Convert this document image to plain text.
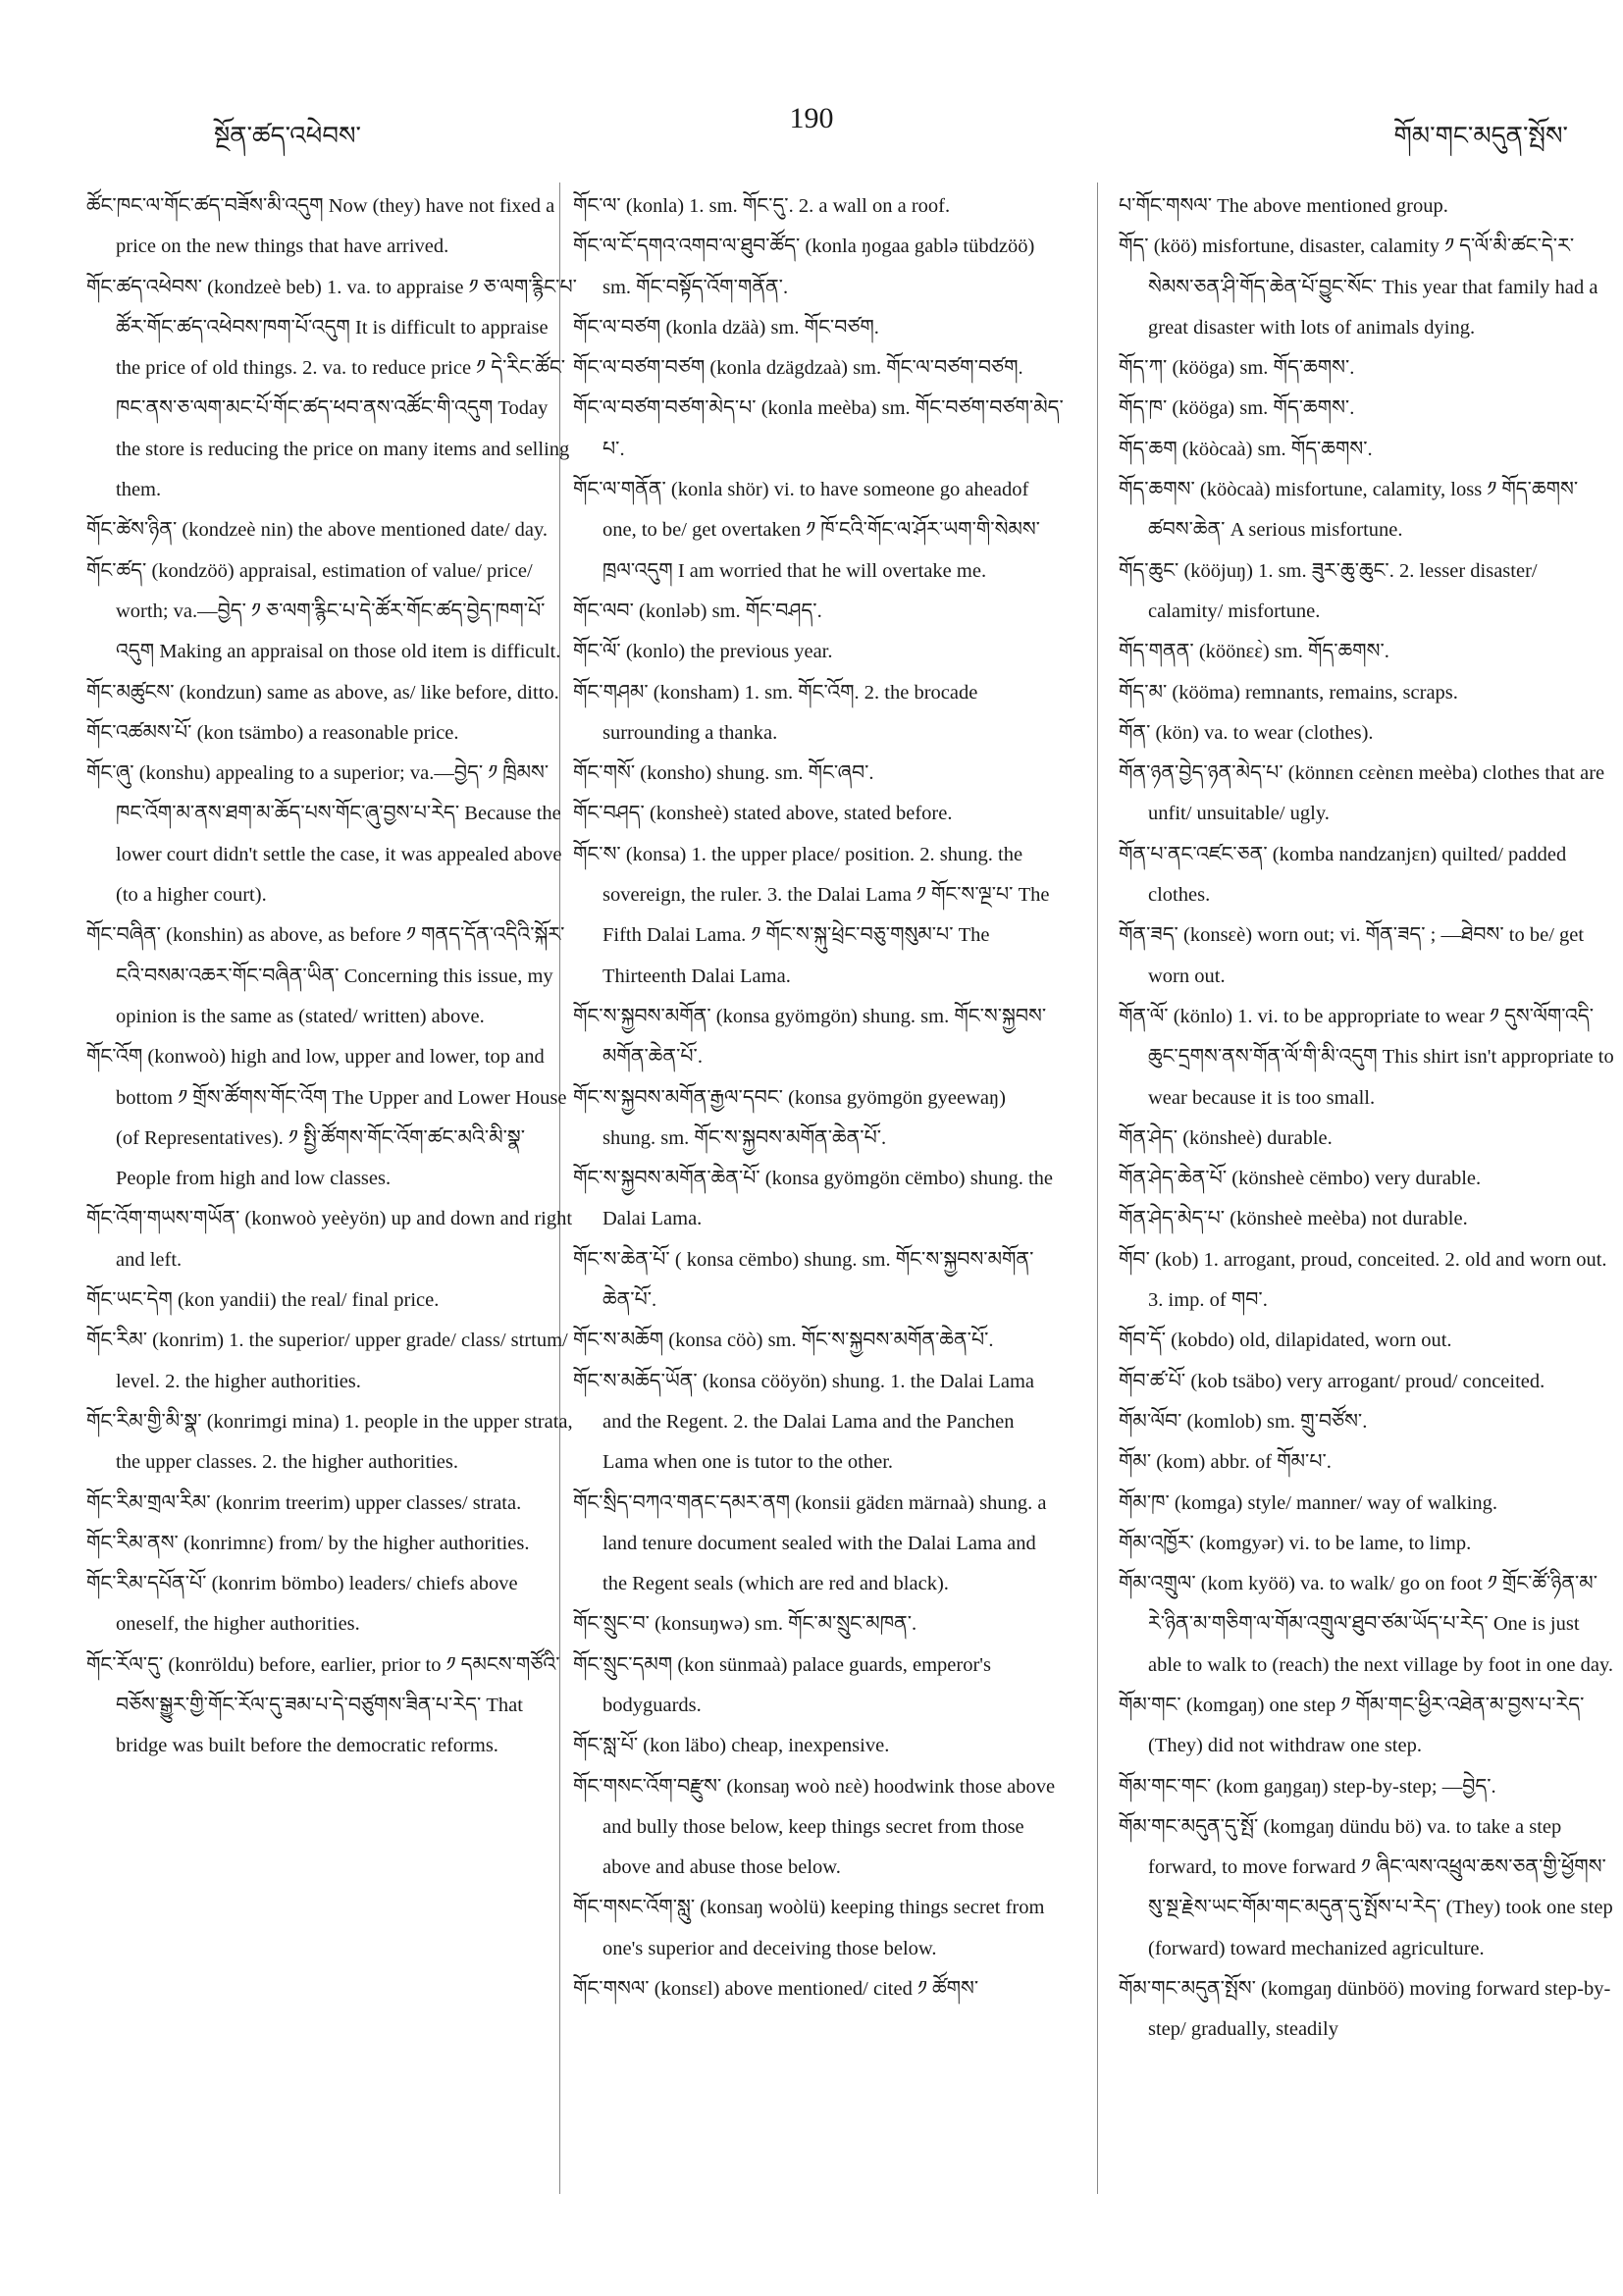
སྔོན་ཚད་འཕེབས་
190
གོམ་གང་མདུན་སྤོས་

ཚོང་ཁང་ལ་གོང་ཚད་བཟོས་མི་འདུག Now (they) have not fixed a price on the new things that have arrived.

གོང་ཚད་འཕེབས་ (kondzeè beb) 1. va. to appraise ༡ ཅ་ལག་རྙིང་པ་ཚོར་གོང་ཚད་འཕེབས་ཁག་པོ་འདུག It is difficult to appraise the price of old things. 2. va. to reduce price ༡ དེ་རིང་ཚོང་ཁང་ནས་ཅ་ལག་མང་པོ་གོང་ཚད་ཕབ་ནས་འཚོང་གི་འདུག Today the store is reducing the price on many items and selling them.

གོང་ཚེས་ཉིན་ (kondzeè nin) the above mentioned date/ day.

གོང་ཚད་ (kondzöö) appraisal, estimation of value/ price/ worth; va.—བྱེད་ ༡ ཅ་ལག་རྙིང་པ་དེ་ཚོར་གོང་ཚད་བྱེད་ཁག་པོ་འདུག Making an appraisal on those old item is difficult.

གོང་མཚུངས་ (kondzun) same as above, as/ like before, ditto.

གོང་འཚམས་པོ་ (kon tsämbo) a reasonable price.

གོང་ཞུ་ (konshu) appealing to a superior; va.—བྱེད་ ༡ ཁྲིམས་ཁང་འོག་མ་ནས་ཐག་མ་ཆོད་པས་གོང་ཞུ་བྱས་པ་རེད་ Because the lower court didn't settle the case, it was appealed above (to a higher court).

གོང་བཞིན་ (konshin) as above, as before ༡ གནད་དོན་འདིའི་སྐོར་ངའི་བསམ་འཆར་གོང་བཞིན་ཡིན་ Concerning this issue, my opinion is the same as (stated/ written) above.

གོང་འོག (konwoò) high and low, upper and lower, top and bottom ༡ གྲོས་ཚོགས་གོང་འོག The Upper and Lower House (of Representatives). ༡ སྤྱི་ཚོགས་གོང་འོག་ཚང་མའི་མི་སྣ་ People from high and low classes.

གོང་འོག་གཡས་གཡོན་ (konwoò yeèyön) up and down and right and left.

གོང་ཡང་དེག (kon yandii) the real/ final price.

གོང་རིམ་ (konrim) 1. the superior/ upper grade/ class/ strtum/ level. 2. the higher authorities.

གོང་རིམ་གྱི་མི་སྣ་ (konrimgi mina) 1. people in the upper strata, the upper classes. 2. the higher authorities.

གོང་རིམ་གྲལ་རིམ་ (konrim treerim) upper classes/ strata.

གོང་རིམ་ནས་ (konrimnɛ) from/ by the higher authorities.

གོང་རིམ་དཔོན་པོ་ (konrim bömbo) leaders/ chiefs above oneself, the higher authorities.

གོང་རོལ་དུ་ (konröldu) before, earlier, prior to ༡ དམངས་གཙོའི་བཅོས་སྒྱུར་གྱི་གོང་རོལ་དུ་ཟམ་པ་དེ་བཙུགས་ཟིན་པ་རེད་ That bridge was built before the democratic reforms.

གོང་ལ་ (konla) 1. sm. གོང་དུ་. 2. a wall on a roof.

གོང་ལ་ངོ་དགའ་འགབ་ལ་ཐུབ་ཚོད་ (konla ŋogaa gablə tübdzöö) sm. གོང་བསྟོད་འོག་གནོན་.

གོང་ལ་བཙག (konla dzäà) sm. གོང་བཙག.

གོང་ལ་བཙག་བཙག (konla dzägdzaà) sm. གོང་ལ་བཙག་བཙག.

གོང་ལ་བཙག་བཙག་མེད་པ་ (konla meèba) sm. གོང་བཙག་བཙག་མེད་པ་.

གོང་ལ་གནོན་ (konla shör) vi. to have someone go aheadof one, to be/ get overtaken ༡ ཁོ་ངའི་གོང་ལ་ཤོར་ཡག་གི་སེམས་ཁྲལ་འདུག I am worried that he will overtake me.

གོང་ལབ་ (konləb) sm. གོང་བཤད་.

གོང་ལོ་ (konlo) the previous year.

གོང་གཤམ་ (konsham) 1. sm. གོང་འོག. 2. the brocade surrounding a thanka.

གོང་གསོ་ (konsho) shung. sm. གོང་ཞབ་.

གོང་བཤད་ (konsheè) stated above, stated before.

གོང་ས་ (konsa) 1. the upper place/ position. 2. shung. the sovereign, the ruler. 3. the Dalai Lama ༡ གོང་ས་ལྔ་པ་ The Fifth Dalai Lama. ༡ གོང་ས་སྐུ་ཕྲེང་བཅུ་གསུམ་པ་ The Thirteenth Dalai Lama.

གོང་ས་སྐྱབས་མགོན་ (konsa gyömgön) shung. sm. གོང་ས་སྐྱབས་མགོན་ཆེན་པོ་.

གོང་ས་སྐྱབས་མགོན་རྒྱལ་དབང་ (konsa gyömgön gyeewaŋ) shung. sm. གོང་ས་སྐྱབས་མགོན་ཆེན་པོ་.

གོང་ས་སྐྱབས་མགོན་ཆེན་པོ་ (konsa gyömgön cëmbo) shung. the Dalai Lama.

གོང་ས་ཆེན་པོ་ ( konsa cëmbo) shung. sm. གོང་ས་སྐྱབས་མགོན་ཆེན་པོ་.

གོང་ས་མཆོག (konsa cöò) sm. གོང་ས་སྐྱབས་མགོན་ཆེན་པོ་.

གོང་ས་མཆོད་ཡོན་ (konsa cööyön) shung. 1. the Dalai Lama and the Regent. 2. the Dalai Lama and the Panchen Lama when one is tutor to the other.

གོང་སྲིད་བཀའ་གནང་དམར་ནག (konsii gädɛn märnaà) shung. a land tenure document sealed with the Dalai Lama and the Regent seals (which are red and black).

གོང་སྲུང་བ་ (konsuŋwə) sm. གོང་མ་སྲུང་མཁན་.

གོང་སྲུང་དམག (kon sünmaà) palace guards, emperor's bodyguards.

གོང་སླ་པོ་ (kon läbo) cheap, inexpensive.

གོང་གསང་འོག་བརྫུས་ (konsaŋ woò nɛè) hoodwink those above and bully those below, keep things secret from those above and abuse those below.

གོང་གསང་འོག་སླུ་ (konsaŋ woòlü) keeping things secret from one's superior and deceiving those below.

གོང་གསལ་ (konsɛl) above mentioned/ cited ༡ ཚོགས་

པ་གོང་གསལ་ The above mentioned group.

གོད་ (köö) misfortune, disaster, calamity ༡ ད་ལོ་མི་ཚང་དེ་ར་སེམས་ཅན་ཤི་གོད་ཆེན་པོ་བྱུང་སོང་ This year that family had a great disaster with lots of animals dying.

གོད་ཀ་ (kööga) sm. གོད་ཆགས་.

གོད་ཁ་ (kööga) sm. གོད་ཆགས་.

གོད་ཆག (köòcaà) sm. གོད་ཆགས་.

གོད་ཆགས་ (köòcaà) misfortune, calamity, loss ༡ གོད་ཆགས་ཚབས་ཆེན་ A serious misfortune.

གོད་ཆུང་ (kööjuŋ) 1. sm. ཟུར་ཆུ་ཆུང་. 2. lesser disaster/ calamity/ misfortune.

གོད་གནན་ (köönɛɛ̀) sm. གོད་ཆགས་.

གོད་མ་ (kööma) remnants, remains, scraps.

གོན་ (kön) va. to wear (clothes).

གོན་ཉན་བྱེད་ཉན་མེད་པ་ (könnɛn cɛènɛn meèba) clothes that are unfit/ unsuitable/ ugly.

གོན་པ་ནང་འཛང་ཅན་ (komba nandzanjɛn) quilted/ padded clothes.

གོན་ཟད་ (konsɛè) worn out; vi. གོན་ཟད་ ; —ཐེབས་ to be/ get worn out.

གོན་ལོ་ (könlo) 1. vi. to be appropriate to wear ༡ དུས་ལོག་འདི་ཆུང་དྲགས་ནས་གོན་ལོ་གི་མི་འདུག This shirt isn't appropriate to wear because it is too small.

གོན་ཤེད་ (könsheè) durable.

གོན་ཤེད་ཆེན་པོ་ (könsheè cëmbo) very durable.

གོན་ཤེད་མེད་པ་ (könsheè meèba) not durable.

གོབ་ (kob) 1. arrogant, proud, conceited. 2. old and worn out. 3. imp. of གབ་.

གོབ་དོ་ (kobdo) old, dilapidated, worn out.

གོབ་ཚ་པོ་ (kob tsäbo) very arrogant/ proud/ conceited.

གོམ་ལོབ་ (komlob) sm. གྲུ་བཙོས་.

གོམ་ (kom) abbr. of གོམ་པ་.

གོམ་ཁ་ (komga) style/ manner/ way of walking.

གོམ་འཁྱོར་ (komgyər) vi. to be lame, to limp.

གོམ་འགྲུལ་ (kom kyöö) va. to walk/ go on foot ༡ གྲོང་ཚོ་ཉིན་མ་རེ་ཉིན་མ་གཅིག་ལ་གོམ་འགྲུལ་ཐུབ་ཙམ་ཡོད་པ་རེད་ One is just able to walk to (reach) the next village by foot in one day.

གོམ་གང་ (komgaŋ) one step ༡ གོམ་གང་ཕྱིར་འཐེན་མ་བྱས་པ་རེད་ (They) did not withdraw one step.

གོམ་གང་གང་ (kom gaŋgaŋ) step-by-step; —བྱེད་.

གོམ་གང་མདུན་དུ་སྤོ་ (komgaŋ dündu bö) va. to take a step forward, to move forward ༡ ཞིང་ལས་འཕྲུལ་ཆས་ཅན་གྱི་ཕྱོགས་སུ་སྔ་རྗེས་ཡང་གོམ་གང་མདུན་དུ་སྤོས་པ་རེད་ (They) took one step (forward) toward mechanized agriculture.

གོམ་གང་མདུན་སྤོས་ (komgaŋ dünböö) moving forward step-by-step/ gradually, steadily
